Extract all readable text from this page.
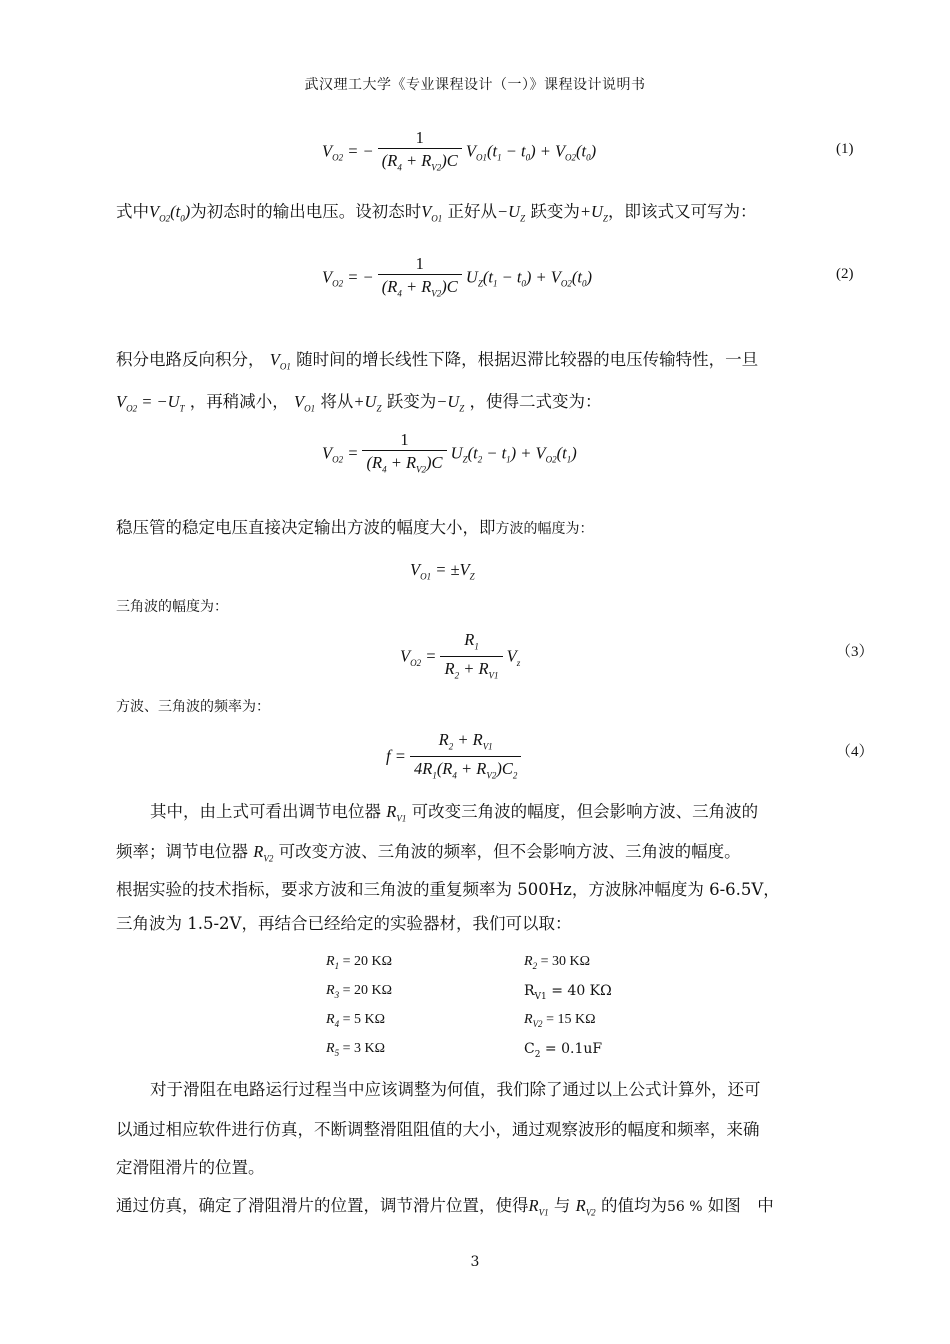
武汉理工大学《专业课程设计（一）》课程设计说明书
$V_{O2}$ = − $\frac{1}{(R_4 + R_{V2})C} V_{O1}(t_1 - t_0) + V_{O2}(t_0)$	(1)
式中$V_{O2}(t_0)$为初态时的输出电压。设初态时$V_{O1}$ 正好从$-U_Z$ 跃变为$+U_Z$，即该式又可写为：
$V_{O2}$ = − $\frac{1}{(R_4 + R_{V2})C} U_Z(t_1 - t_0) + V_{O2}(t_0)$	(2)
积分电路反向积分， $V_{O1}$ 随时间的增长线性下降，根据迟滞比较器的电压传输特性，一旦
$V_{O2} = -U_T$ ，再稍减小， $V_{O1}$ 将从$+U_Z$ 跃变为$-U_Z$ ，使得二式变为：
$V_{O2} = \frac{1}{(R_4 + R_{V2})C} U_Z(t_2 - t_1) + V_{O2}(t_1)$
稳压管的稳定电压直接决定输出方波的幅度大小，即方波的幅度为：
$V_{O1} = \pm V_Z$
三角波的幅度为：
$V_{O2} = \frac{R_1}{R_2 + R_{V1}} V_z$
（3）
方波、三角波的频率为：
$f = \frac{R_2 + R_{V1}}{4R_1(R_4 + R_{V2})C_2}$	（4）
其中，由上式可看出调节电位器 $R_{V1}$ 可改变三角波的幅度，但会影响方波、三角波的
频率；调节电位器 $R_{V2}$ 可改变方波、三角波的频率，但不会影响方波、三角波的幅度。
根据实验的技术指标，要求方波和三角波的重复频率为 500Hz，方波脉冲幅度为 6-6.5V，
三角波为 1.5-2V，再结合已经给定的实验器材，我们可以取：
$R_1 = 20$ KΩ	$R_2 = 30$ KΩ
$R_3 = 20$ KΩ	$R_{V1} = 40$ KΩ
$R_4 = 5$ KΩ	$R_{V2} = 15$ KΩ
$R_5 = 3$ KΩ	$C_2 = 0.1uF$
对于滑阻在电路运行过程当中应该调整为何值，我们除了通过以上公式计算外，还可
以通过相应软件进行仿真，不断调整滑阻阻值的大小，通过观察波形的幅度和频率，来确
定滑阻滑片的位置。
通过仿真，确定了滑阻滑片的位置，调节滑片位置，使得$R_{V1}$ 与 $R_{V2}$ 的值均为56 % 如图　中
3
